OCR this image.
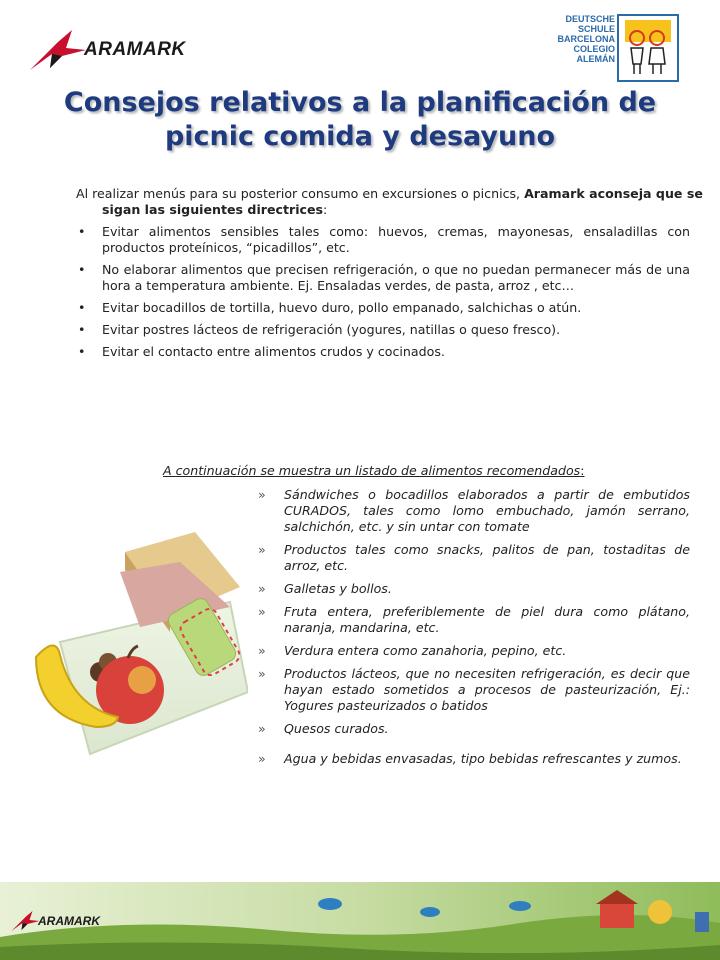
ARAMARK
DEUTSCHE
SCHULE
BARCELONA
COLEGIO
ALEMÁN
Consejos relativos a la planificación de
picnic comida y desayuno
Al realizar menús para su posterior consumo en excursiones o picnics, Aramark aconseja que se sigan las siguientes directrices:
• Evitar alimentos sensibles tales como: huevos, cremas, mayonesas, ensaladillas con productos proteínicos, “picadillos”, etc.
• No elaborar alimentos que precisen refrigeración, o que no puedan permanecer más de una hora a temperatura ambiente. Ej. Ensaladas verdes, de pasta, arroz , etc…
• Evitar bocadillos de tortilla, huevo duro, pollo empanado, salchichas o atún.
• Evitar postres lácteos de refrigeración (yogures, natillas o queso fresco).
• Evitar el contacto entre alimentos crudos y cocinados.
A continuación se muestra un listado de alimentos recomendados:
» Sándwiches o bocadillos elaborados a partir de embutidos CURADOS, tales como lomo embuchado, jamón serrano, salchichón, etc. y sin untar con tomate
» Productos tales como snacks, palitos de pan, tostaditas de arroz, etc.
» Galletas y bollos.
» Fruta entera, preferiblemente de piel dura como plátano, naranja, mandarina, etc.
» Verdura entera como zanahoria, pepino, etc.
» Productos lácteos, que no necesiten refrigeración, es decir que hayan estado sometidos a procesos de pasteurización, Ej.: Yogures pasteurizados o batidos
» Quesos curados.
» Agua y bebidas envasadas, tipo bebidas refrescantes y zumos.
ARAMARK
